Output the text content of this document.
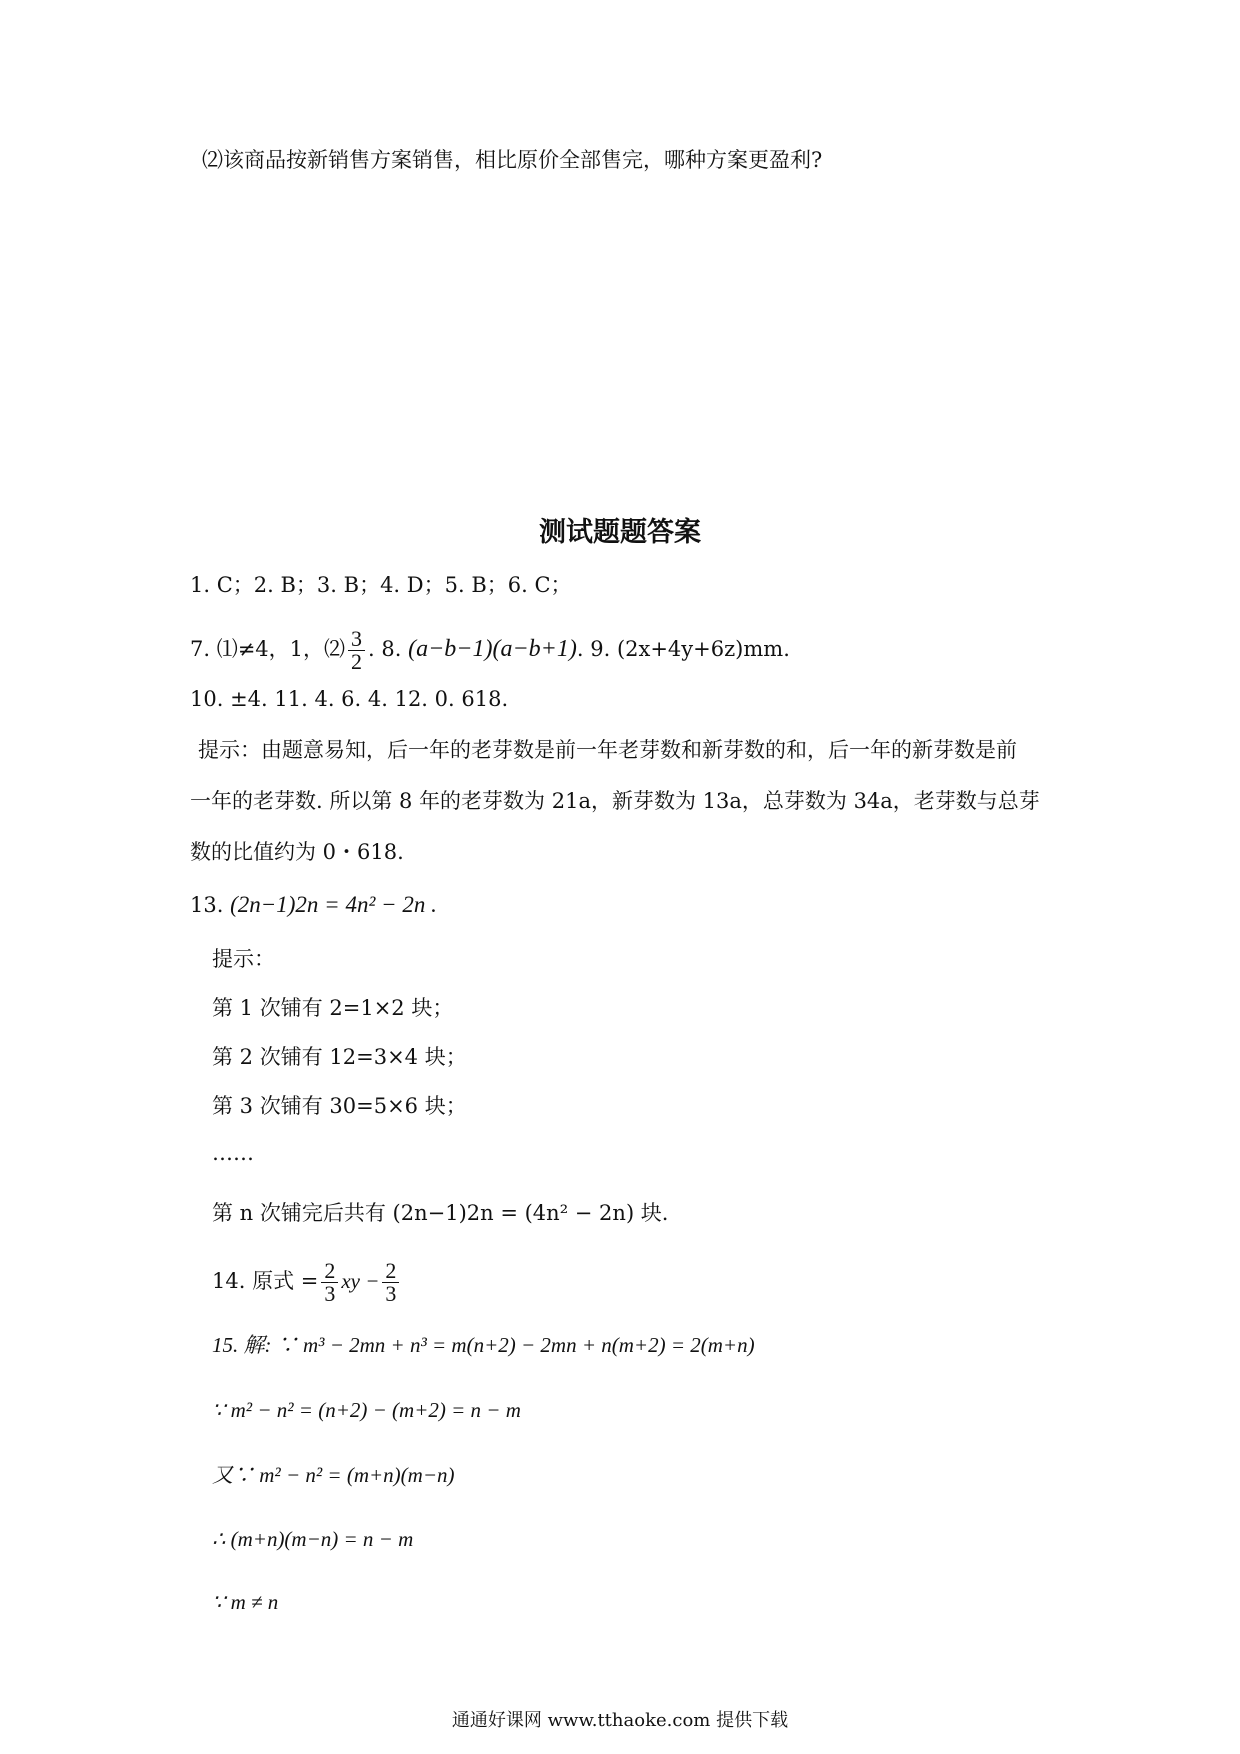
⑵该商品按新销售方案销售，相比原价全部售完，哪种方案更盈利?
测试题题答案
1. C；2. B；3. B；4. D；5. B；6. C；
7. ⑴≠4，1，⑵ $\frac{3}{2}$ . 8. (a−b−1)(a−b+1). 9. (2x+4y+6z)mm.
10. ±4. 11. 4. 6. 4. 12. 0. 618.
提示：由题意易知，后一年的老芽数是前一年老芽数和新芽数的和，后一年的新芽数是前
一年的老芽数. 所以第 8 年的老芽数为 21a，新芽数为 13a，总芽数为 34a，老芽数与总芽
数的比值约为 0・618.
13. (2n−1)2n = 4n² − 2n .
提示：
第 1 次铺有 2=1×2 块；
第 2 次铺有 12=3×4 块；
第 3 次铺有 30=5×6 块；
……
第 n 次铺完后共有 (2n−1)2n = (4n² − 2n) 块.
14. 原式 = $\frac{2}{3}$ xy − $\frac{2}{3}$
15. 解: ∵ m³ − 2mn + n³ = m(n+2) − 2mn + n(m+2) = 2(m+n)
∵ m² − n² = (n+2) − (m+2) = n − m
又∵ m² − n² = (m+n)(m−n)
∴ (m+n)(m−n) = n − m
∵ m ≠ n
通通好课网 www.tthaoke.com 提供下载
